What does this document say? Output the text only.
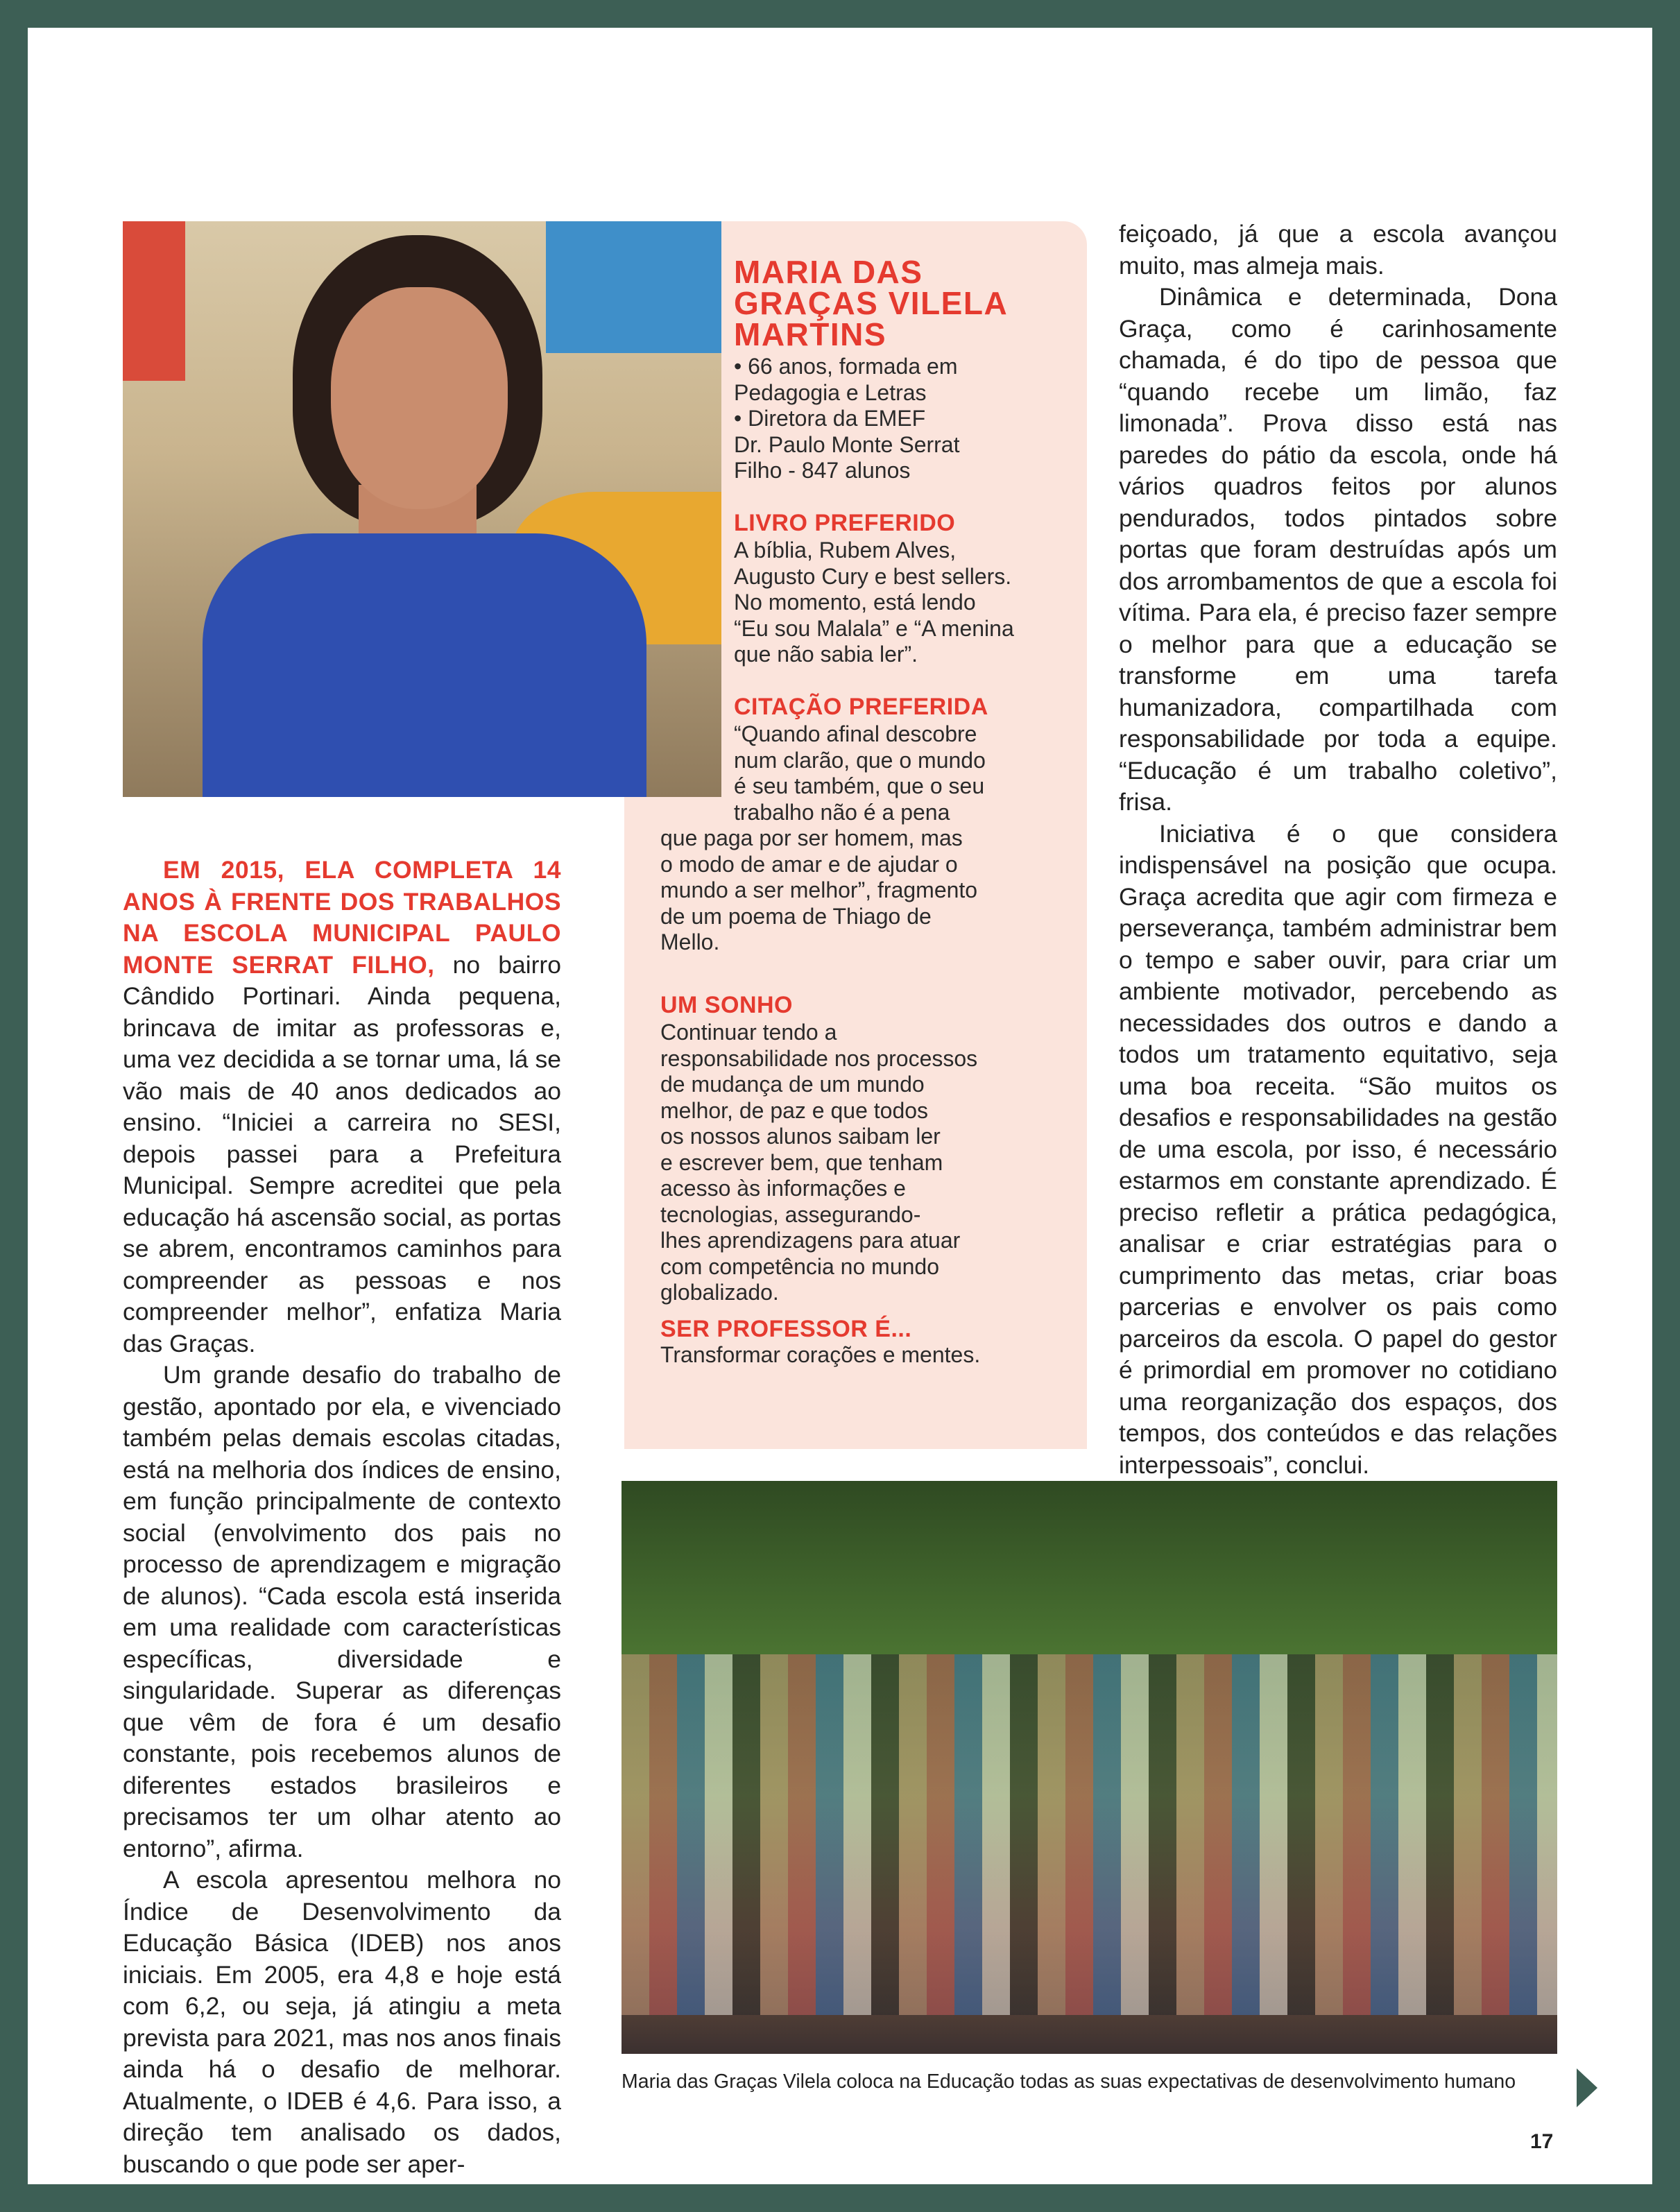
MARIA DAS
GRAÇAS VILELA
MARTINS
• 66 anos, formada em
Pedagogia e Letras
• Diretora da EMEF
Dr. Paulo Monte Serrat
Filho - 847 alunos
LIVRO PREFERIDO
A bíblia, Rubem Alves,
Augusto Cury e best sellers.
No momento, está lendo
“Eu sou Malala” e “A menina
que não sabia ler”.
CITAÇÃO PREFERIDA
“Quando afinal descobre
num clarão, que o mundo
é seu também, que o seu
trabalho não é a pena
que paga por ser homem, mas
o modo de amar e de ajudar o
mundo a ser melhor”, fragmento
de um poema de Thiago de
Mello.
UM SONHO
Continuar tendo a
responsabilidade nos processos
de mudança de um mundo
melhor, de paz e que todos
os nossos alunos saibam ler
e escrever bem, que tenham
acesso às informações e
tecnologias, assegurando-
lhes aprendizagens para atuar
com competência no mundo
globalizado.
SER PROFESSOR É...
Transformar corações e mentes.

EM 2015, ELA COMPLETA 14 ANOS À FRENTE DOS TRABALHOS NA ESCOLA MUNICIPAL PAULO MONTE SERRAT FILHO, no bairro Cândido Portinari. Ainda pequena, brincava de imitar as professoras e, uma vez decidida a se tornar uma, lá se vão mais de 40 anos dedicados ao ensino. “Iniciei a carreira no SESI, depois passei para a Prefeitura Municipal. Sempre acreditei que pela educação há ascensão social, as portas se abrem, encontramos caminhos para compreender as pessoas e nos compreender melhor”, enfatiza Maria das Graças.

Um grande desafio do trabalho de gestão, apontado por ela, e vivenciado também pelas demais escolas citadas, está na melhoria dos índices de ensino, em função principalmente de contexto social (envolvimento dos pais no processo de aprendizagem e migração de alunos). “Cada escola está inserida em uma realidade com características específicas, diversidade e singularidade. Superar as diferenças que vêm de fora é um desafio constante, pois recebemos alunos de diferentes estados brasileiros e precisamos ter um olhar atento ao entorno”, afirma.

A escola apresentou melhora no Índice de Desenvolvimento da Educação Básica (IDEB) nos anos iniciais. Em 2005, era 4,8 e hoje está com 6,2, ou seja, já atingiu a meta prevista para 2021, mas nos anos finais ainda há o desafio de melhorar. Atualmente, o IDEB é 4,6. Para isso, a direção tem analisado os dados, buscando o que pode ser aper-

feiçoado, já que a escola avançou muito, mas almeja mais.

Dinâmica e determinada, Dona Graça, como é carinhosamente chamada, é do tipo de pessoa que “quando recebe um limão, faz limonada”. Prova disso está nas paredes do pátio da escola, onde há vários quadros feitos por alunos pendurados, todos pintados sobre portas que foram destruídas após um dos arrombamentos de que a escola foi vítima. Para ela, é preciso fazer sempre o melhor para que a educação se transforme em uma tarefa humanizadora, compartilhada com responsabilidade por toda a equipe. “Educação é um trabalho coletivo”, frisa.

Iniciativa é o que considera indispensável na posição que ocupa. Graça acredita que agir com firmeza e perseverança, também administrar bem o tempo e saber ouvir, para criar um ambiente motivador, percebendo as necessidades dos outros e dando a todos um tratamento equitativo, seja uma boa receita. “São muitos os desafios e responsabilidades na gestão de uma escola, por isso, é necessário estarmos em constante aprendizado. É preciso refletir a prática pedagógica, analisar e criar estratégias para o cumprimento das metas, criar boas parcerias e envolver os pais como parceiros da escola. O papel do gestor é primordial em promover no cotidiano uma reorganização dos espaços, dos tempos, dos conteúdos e das relações interpessoais”, conclui.

Maria das Graças Vilela coloca na Educação todas as suas expectativas de desenvolvimento humano
17
